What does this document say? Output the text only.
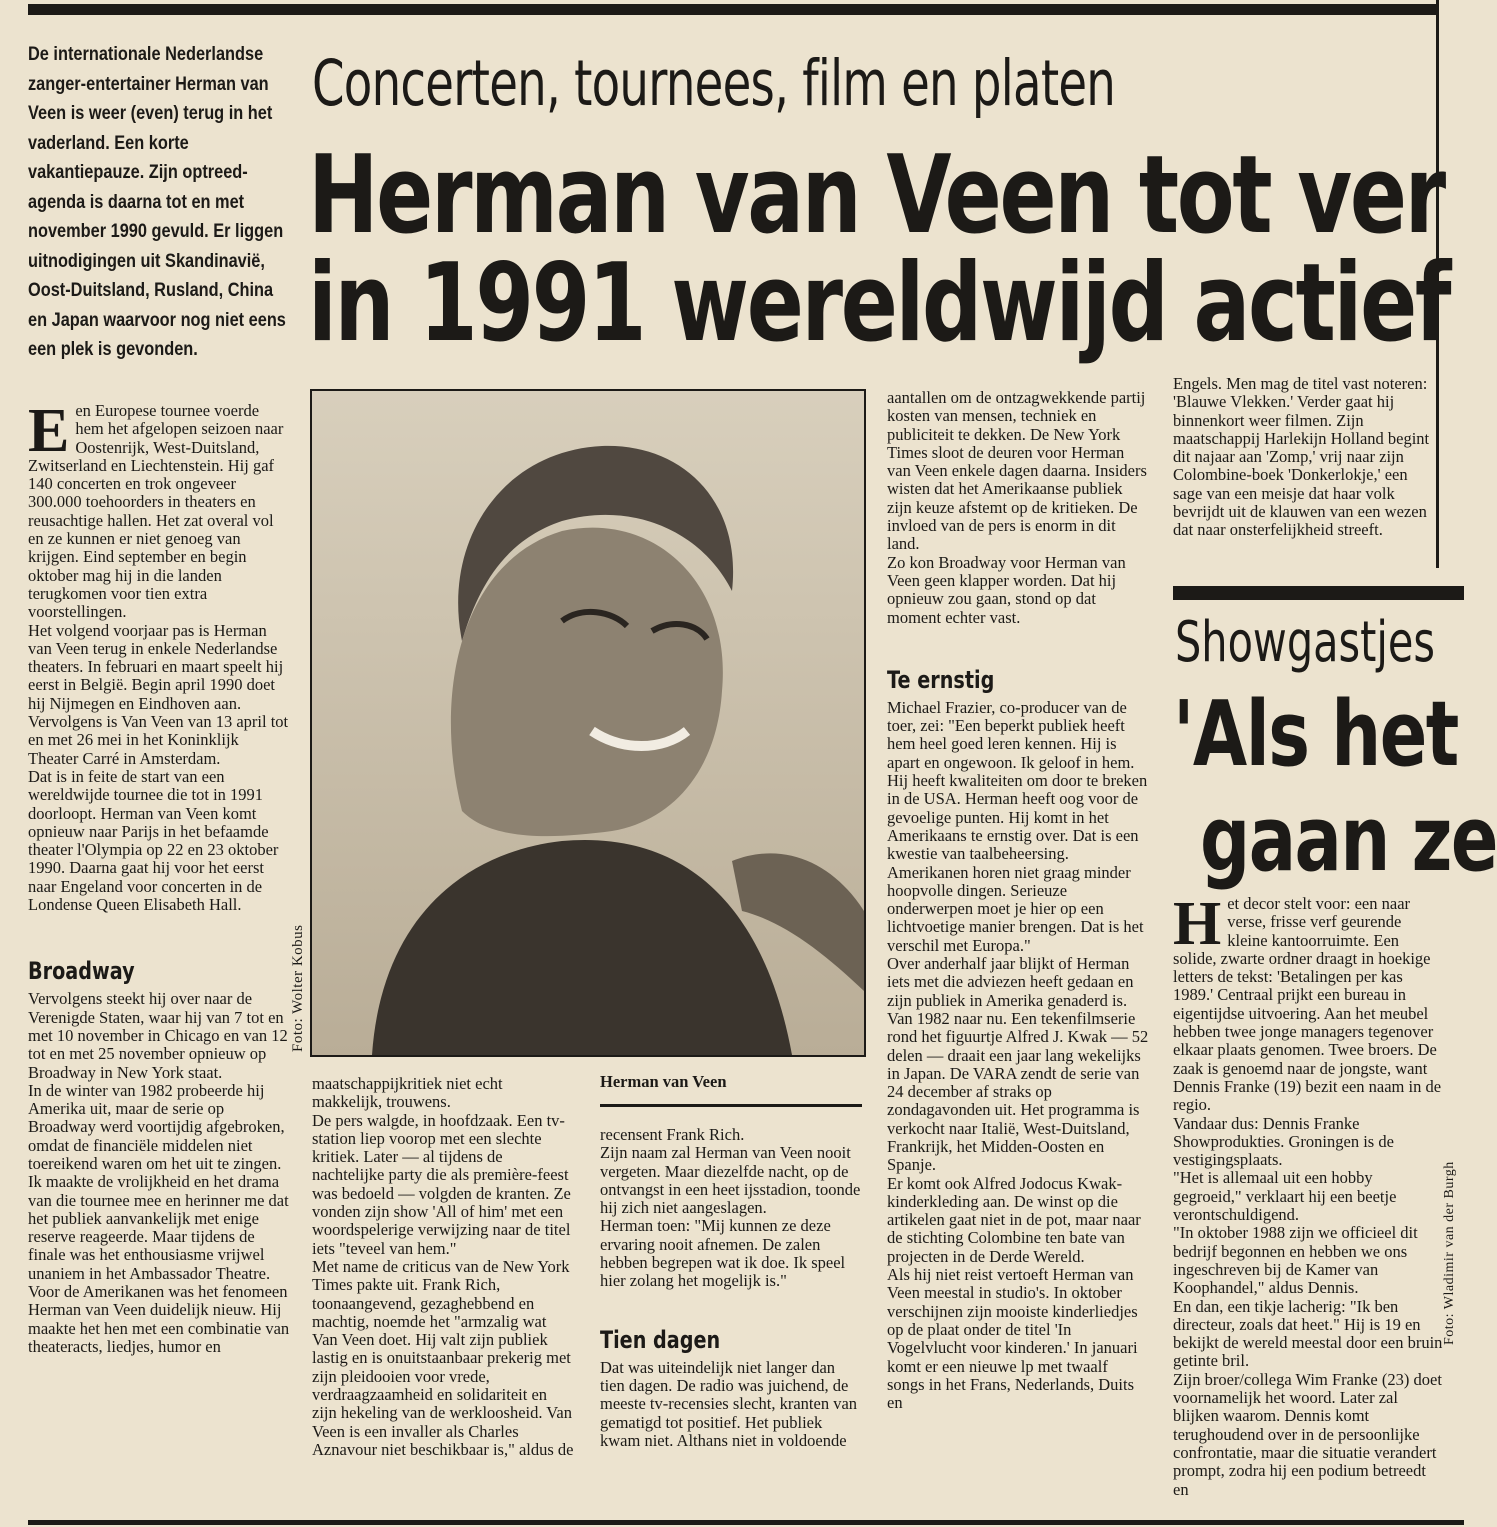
De internationale Nederlandse zanger-entertainer Herman van Veen is weer (even) terug in het vaderland. Een korte vakantiepauze. Zijn optreed-agenda is daarna tot en met november 1990 gevuld. Er liggen uitnodigingen uit Skandinavië, Oost-Duitsland, Rusland, China en Japan waarvoor nog niet eens een plek is gevonden.
Concerten, tournees, film en platen
Herman van Veen tot ver
in 1991 wereldwijd actief

Een Europese tournee voerde hem het afgelopen seizoen naar Oostenrijk, West-Duitsland, Zwitserland en Liechtenstein. Hij gaf 140 concerten en trok ongeveer 300.000 toehoorders in theaters en reusachtige hallen. Het zat overal vol en ze kunnen er niet genoeg van krijgen. Eind september en begin oktober mag hij in die landen terugkomen voor tien extra voorstellingen.

Het volgend voorjaar pas is Herman van Veen terug in enkele Nederlandse theaters. In februari en maart speelt hij eerst in België. Begin april 1990 doet hij Nijmegen en Eindhoven aan. Vervolgens is Van Veen van 13 april tot en met 26 mei in het Koninklijk Theater Carré in Amsterdam.

Dat is in feite de start van een wereldwijde tournee die tot in 1991 doorloopt. Herman van Veen komt opnieuw naar Parijs in het befaamde theater l'Olympia op 22 en 23 oktober 1990. Daarna gaat hij voor het eerst naar Engeland voor concerten in de Londense Queen Elisabeth Hall.

Broadway

Vervolgens steekt hij over naar de Verenigde Staten, waar hij van 7 tot en met 10 november in Chicago en van 12 tot en met 25 november opnieuw op Broadway in New York staat.

In de winter van 1982 probeerde hij Amerika uit, maar de serie op Broadway werd voortijdig afgebroken, omdat de financiële middelen niet toereikend waren om het uit te zingen.

Ik maakte de vrolijkheid en het drama van die tournee mee en herinner me dat het publiek aanvankelijk met enige reserve reageerde. Maar tijdens de finale was het enthousiasme vrijwel unaniem in het Ambassador Theatre.

Voor de Amerikanen was het fenomeen Herman van Veen duidelijk nieuw. Hij maakte het hen met een combinatie van theateracts, liedjes, humor en

Foto: Wolter Kobus
Herman van Veen

maatschappijkritiek niet echt makkelijk, trouwens.

De pers walgde, in hoofdzaak. Een tv-station liep voorop met een slechte kritiek. Later — al tijdens de nachtelijke party die als première-feest was bedoeld — volgden de kranten. Ze vonden zijn show 'All of him' met een woordspelerige verwijzing naar de titel iets "teveel van hem."

Met name de criticus van de New York Times pakte uit. Frank Rich, toonaangevend, gezaghebbend en machtig, noemde het "armzalig wat Van Veen doet. Hij valt zijn publiek lastig en is onuitstaanbaar prekerig met zijn pleidooien voor vrede, verdraagzaamheid en solidariteit en zijn hekeling van de werkloosheid. Van Veen is een invaller als Charles Aznavour niet beschikbaar is," aldus de

recensent Frank Rich.

Zijn naam zal Herman van Veen nooit vergeten. Maar diezelfde nacht, op de ontvangst in een heet ijsstadion, toonde hij zich niet aangeslagen.

Herman toen: "Mij kunnen ze deze ervaring nooit afnemen. De zalen hebben begrepen wat ik doe. Ik speel hier zolang het mogelijk is."

Tien dagen

Dat was uiteindelijk niet langer dan tien dagen. De radio was juichend, de meeste tv-recensies slecht, kranten van gematigd tot positief. Het publiek kwam niet. Althans niet in voldoende

aantallen om de ontzagwekkende partij kosten van mensen, techniek en publiciteit te dekken. De New York Times sloot de deuren voor Herman van Veen enkele dagen daarna. Insiders wisten dat het Amerikaanse publiek zijn keuze afstemt op de kritieken. De invloed van de pers is enorm in dit land.

Zo kon Broadway voor Herman van Veen geen klapper worden. Dat hij opnieuw zou gaan, stond op dat moment echter vast.

Te ernstig

Michael Frazier, co-producer van de toer, zei: "Een beperkt publiek heeft hem heel goed leren kennen. Hij is apart en ongewoon. Ik geloof in hem. Hij heeft kwaliteiten om door te breken in de USA. Herman heeft oog voor de gevoelige punten. Hij komt in het Amerikaans te ernstig over. Dat is een kwestie van taalbeheersing. Amerikanen horen niet graag minder hoopvolle dingen. Serieuze onderwerpen moet je hier op een lichtvoetige manier brengen. Dat is het verschil met Europa."

Over anderhalf jaar blijkt of Herman iets met die adviezen heeft gedaan en zijn publiek in Amerika genaderd is.

Van 1982 naar nu. Een tekenfilmserie rond het figuurtje Alfred J. Kwak — 52 delen — draait een jaar lang wekelijks in Japan. De VARA zendt de serie van 24 december af straks op zondagavonden uit. Het programma is verkocht naar Italië, West-Duitsland, Frankrijk, het Midden-Oosten en Spanje.

Er komt ook Alfred Jodocus Kwak-kinderkleding aan. De winst op die artikelen gaat niet in de pot, maar naar de stichting Colombine ten bate van projecten in de Derde Wereld.

Als hij niet reist vertoeft Herman van Veen meestal in studio's. In oktober verschijnen zijn mooiste kinderliedjes op de plaat onder de titel 'In Vogelvlucht voor kinderen.' In januari komt er een nieuwe lp met twaalf songs in het Frans, Nederlands, Duits en

Engels. Men mag de titel vast noteren: 'Blauwe Vlekken.' Verder gaat hij binnenkort weer filmen. Zijn maatschappij Harlekijn Holland begint dit najaar aan 'Zomp,' vrij naar zijn Colombine-boek 'Donkerlokje,' een sage van een meisje dat haar volk bevrijdt uit de klauwen van een wezen dat naar onsterfelijkheid streeft.

Showgastjes
'Als het
gaan ze

Het decor stelt voor: een naar verse, frisse verf geurende kleine kantoorruimte. Een solide, zwarte ordner draagt in hoekige letters de tekst: 'Betalingen per kas 1989.' Centraal prijkt een bureau in eigentijdse uitvoering. Aan het meubel hebben twee jonge managers tegenover elkaar plaats genomen. Twee broers. De zaak is genoemd naar de jongste, want Dennis Franke (19) bezit een naam in de regio.

Vandaar dus: Dennis Franke Showprodukties. Groningen is de vestigingsplaats.

"Het is allemaal uit een hobby gegroeid," verklaart hij een beetje verontschuldigend.

"In oktober 1988 zijn we officieel dit bedrijf begonnen en hebben we ons ingeschreven bij de Kamer van Koophandel," aldus Dennis.

En dan, een tikje lacherig: "Ik ben directeur, zoals dat heet." Hij is 19 en bekijkt de wereld meestal door een bruin getinte bril.

Zijn broer/collega Wim Franke (23) doet voornamelijk het woord. Later zal blijken waarom. Dennis komt terughoudend over in de persoonlijke confrontatie, maar die situatie verandert prompt, zodra hij een podium betreedt en

Foto: Wladimir van der Burgh
